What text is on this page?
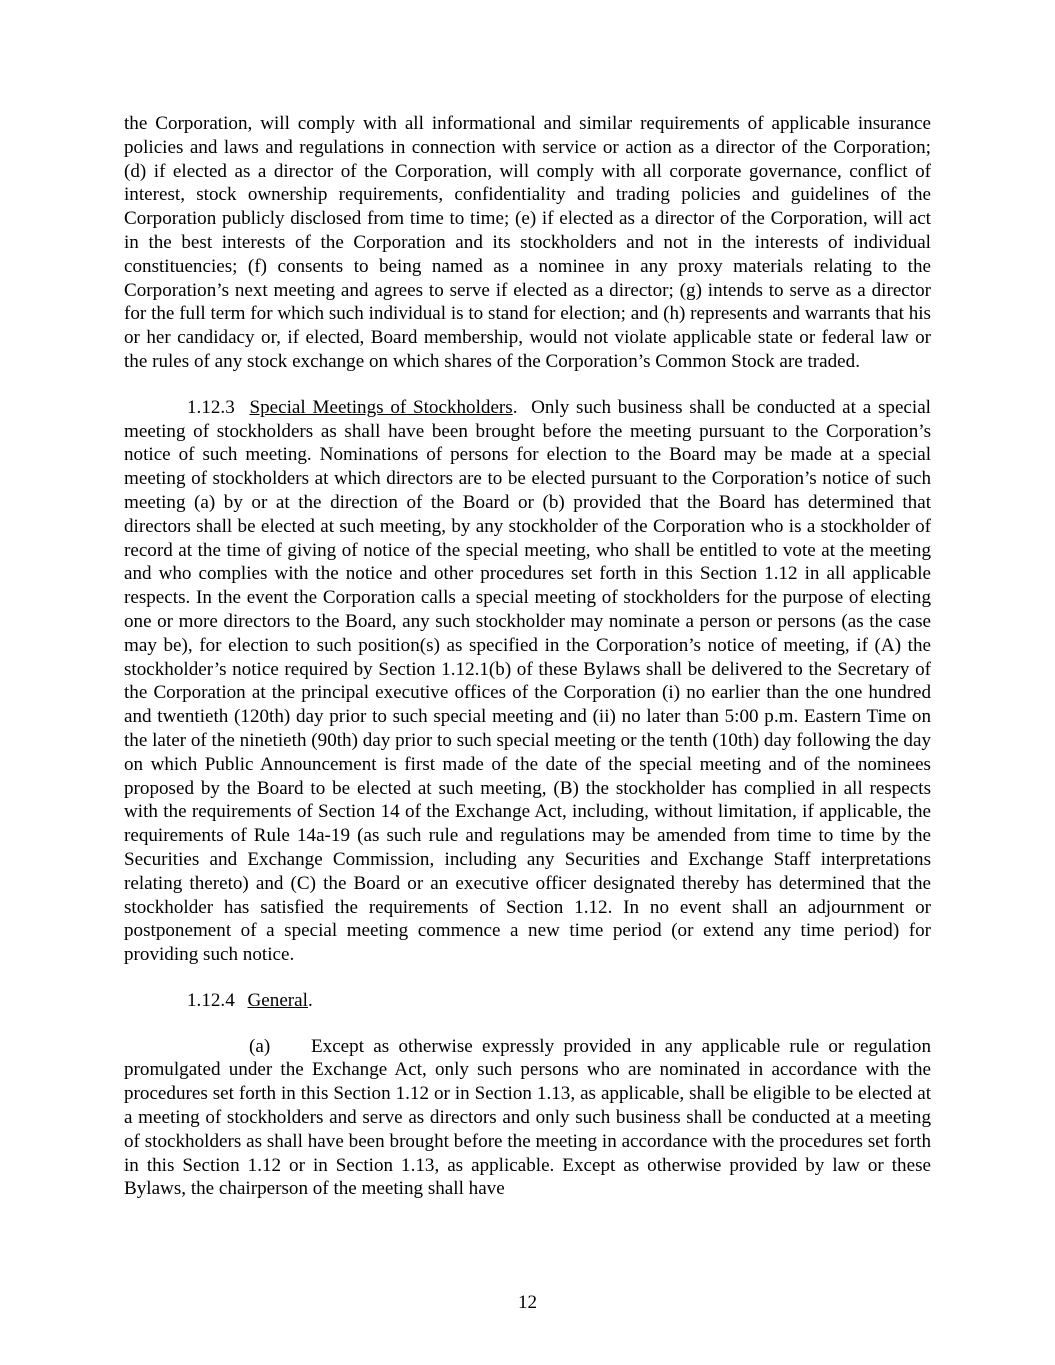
the Corporation, will comply with all informational and similar requirements of applicable insurance policies and laws and regulations in connection with service or action as a director of the Corporation; (d) if elected as a director of the Corporation, will comply with all corporate governance, conflict of interest, stock ownership requirements, confidentiality and trading policies and guidelines of the Corporation publicly disclosed from time to time; (e) if elected as a director of the Corporation, will act in the best interests of the Corporation and its stockholders and not in the interests of individual constituencies; (f) consents to being named as a nominee in any proxy materials relating to the Corporation’s next meeting and agrees to serve if elected as a director; (g) intends to serve as a director for the full term for which such individual is to stand for election; and (h) represents and warrants that his or her candidacy or, if elected, Board membership, would not violate applicable state or federal law or the rules of any stock exchange on which shares of the Corporation’s Common Stock are traded.

1.12.3 Special Meetings of Stockholders. Only such business shall be conducted at a special meeting of stockholders as shall have been brought before the meeting pursuant to the Corporation’s notice of such meeting. Nominations of persons for election to the Board may be made at a special meeting of stockholders at which directors are to be elected pursuant to the Corporation’s notice of such meeting (a) by or at the direction of the Board or (b) provided that the Board has determined that directors shall be elected at such meeting, by any stockholder of the Corporation who is a stockholder of record at the time of giving of notice of the special meeting, who shall be entitled to vote at the meeting and who complies with the notice and other procedures set forth in this Section 1.12 in all applicable respects. In the event the Corporation calls a special meeting of stockholders for the purpose of electing one or more directors to the Board, any such stockholder may nominate a person or persons (as the case may be), for election to such position(s) as specified in the Corporation’s notice of meeting, if (A) the stockholder’s notice required by Section 1.12.1(b) of these Bylaws shall be delivered to the Secretary of the Corporation at the principal executive offices of the Corporation (i) no earlier than the one hundred and twentieth (120th) day prior to such special meeting and (ii) no later than 5:00 p.m. Eastern Time on the later of the ninetieth (90th) day prior to such special meeting or the tenth (10th) day following the day on which Public Announcement is first made of the date of the special meeting and of the nominees proposed by the Board to be elected at such meeting, (B) the stockholder has complied in all respects with the requirements of Section 14 of the Exchange Act, including, without limitation, if applicable, the requirements of Rule 14a-19 (as such rule and regulations may be amended from time to time by the Securities and Exchange Commission, including any Securities and Exchange Staff interpretations relating thereto) and (C) the Board or an executive officer designated thereby has determined that the stockholder has satisfied the requirements of Section 1.12. In no event shall an adjournment or postponement of a special meeting commence a new time period (or extend any time period) for providing such notice.

1.12.4 General.

(a) Except as otherwise expressly provided in any applicable rule or regulation promulgated under the Exchange Act, only such persons who are nominated in accordance with the procedures set forth in this Section 1.12 or in Section 1.13, as applicable, shall be eligible to be elected at a meeting of stockholders and serve as directors and only such business shall be conducted at a meeting of stockholders as shall have been brought before the meeting in accordance with the procedures set forth in this Section 1.12 or in Section 1.13, as applicable. Except as otherwise provided by law or these Bylaws, the chairperson of the meeting shall have

12
